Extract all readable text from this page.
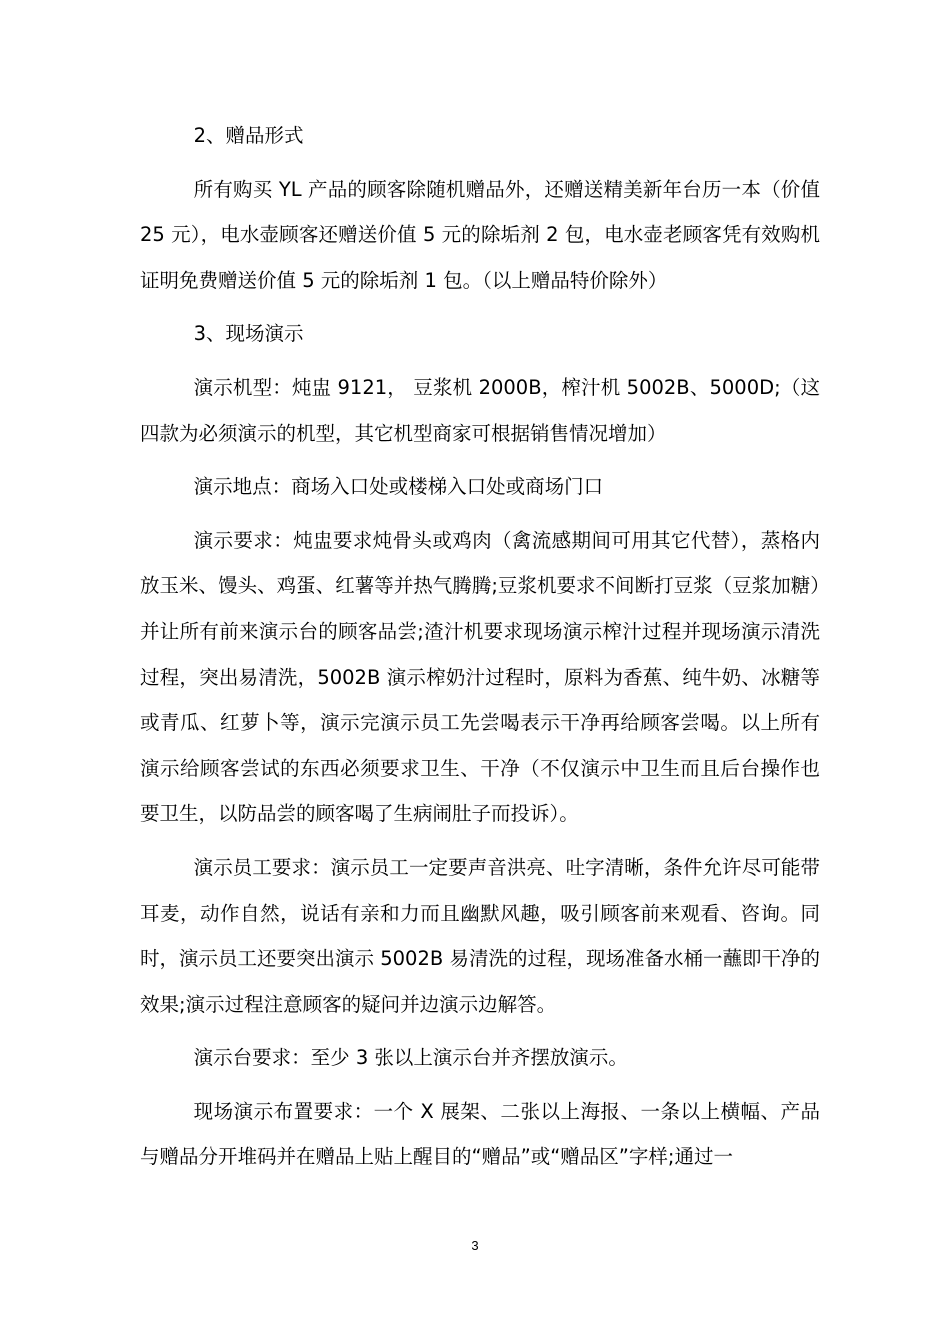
2、赠品形式

所有购买 YL 产品的顾客除随机赠品外，还赠送精美新年台历一本（价值 25 元），电水壶顾客还赠送价值 5 元的除垢剂 2 包，电水壶老顾客凭有效购机证明免费赠送价值 5 元的除垢剂 1 包。（以上赠品特价除外）

3、现场演示

演示机型：炖盅 9121， 豆浆机 2000B，榨汁机 5002B、5000D;（这四款为必须演示的机型，其它机型商家可根据销售情况增加）

演示地点：商场入口处或楼梯入口处或商场门口

演示要求：炖盅要求炖骨头或鸡肉（禽流感期间可用其它代替），蒸格内放玉米、馒头、鸡蛋、红薯等并热气腾腾;豆浆机要求不间断打豆浆（豆浆加糖）并让所有前来演示台的顾客品尝;渣汁机要求现场演示榨汁过程并现场演示清洗过程，突出易清洗，5002B 演示榨奶汁过程时，原料为香蕉、纯牛奶、冰糖等或青瓜、红萝卜等，演示完演示员工先尝喝表示干净再给顾客尝喝。以上所有演示给顾客尝试的东西必须要求卫生、干净（不仅演示中卫生而且后台操作也要卫生，以防品尝的顾客喝了生病闹肚子而投诉）。

演示员工要求：演示员工一定要声音洪亮、吐字清晰，条件允许尽可能带耳麦，动作自然，说话有亲和力而且幽默风趣，吸引顾客前来观看、咨询。同时，演示员工还要突出演示 5002B 易清洗的过程，现场准备水桶一蘸即干净的效果;演示过程注意顾客的疑问并边演示边解答。

演示台要求：至少 3 张以上演示台并齐摆放演示。

现场演示布置要求：一个 X 展架、二张以上海报、一条以上横幅、产品与赠品分开堆码并在赠品上贴上醒目的“赠品”或“赠品区”字样;通过一

3
